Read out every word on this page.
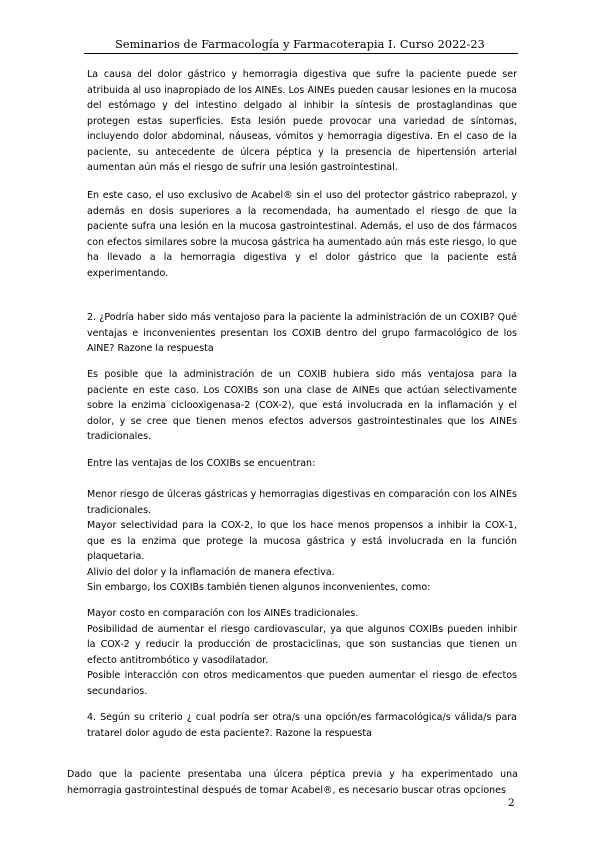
Seminarios de Farmacología y Farmacoterapia I. Curso 2022-23

La causa del dolor gástrico y hemorragia digestiva que sufre la paciente puede ser atribuida al uso inapropiado de los AINEs. Los AINEs pueden causar lesiones en la mucosa del estómago y del intestino delgado al inhibir la síntesis de prostaglandinas que protegen estas superficies. Esta lesión puede provocar una variedad de síntomas, incluyendo dolor abdominal, náuseas, vómitos y hemorragia digestiva. En el caso de la paciente, su antecedente de úlcera péptica y la presencia de hipertensión arterial aumentan aún más el riesgo de sufrir una lesión gastrointestinal.

En este caso, el uso exclusivo de Acabel® sin el uso del protector gástrico rabeprazol, y además en dosis superiores a la recomendada, ha aumentado el riesgo de que la paciente sufra una lesión en la mucosa gastrointestinal. Además, el uso de dos fármacos con efectos similares sobre la mucosa gástrica ha aumentado aún más este riesgo, lo que ha llevado a la hemorragia digestiva y el dolor gástrico que la paciente está experimentando.

2. ¿Podría haber sido más ventajoso para la paciente la administración de un COXIB? Qué ventajas e inconvenientes presentan los COXIB dentro del grupo farmacológico de los AINE? Razone la respuesta

Es posible que la administración de un COXIB hubiera sido más ventajosa para la paciente en este caso. Los COXIBs son una clase de AINEs que actúan selectivamente sobre la enzima ciclooxigenasa-2 (COX-2), que está involucrada en la inflamación y el dolor, y se cree que tienen menos efectos adversos gastrointestinales que los AINEs tradicionales.

Entre las ventajas de los COXIBs se encuentran:

Menor riesgo de úlceras gástricas y hemorragias digestivas en comparación con los AINEs tradicionales.
Mayor selectividad para la COX-2, lo que los hace menos propensos a inhibir la COX-1, que es la enzima que protege la mucosa gástrica y está involucrada en la función plaquetaria.
Alivio del dolor y la inflamación de manera efectiva.
Sin embargo, los COXIBs también tienen algunos inconvenientes, como:
Mayor costo en comparación con los AINEs tradicionales.
Posibilidad de aumentar el riesgo cardiovascular, ya que algunos COXIBs pueden inhibir la COX-2 y reducir la producción de prostaciclinas, que son sustancias que tienen un efecto antitrombótico y vasodilatador.
Posible interacción con otros medicamentos que pueden aumentar el riesgo de efectos secundarios.

4. Según su criterio ¿ cual podría ser otra/s una opción/es farmacológica/s válida/s para tratarel dolor agudo de esta paciente?. Razone la respuesta

Dado que la paciente presentaba una úlcera péptica previa y ha experimentado una hemorragia gastrointestinal después de tomar Acabel®, es necesario buscar otras opciones

2
